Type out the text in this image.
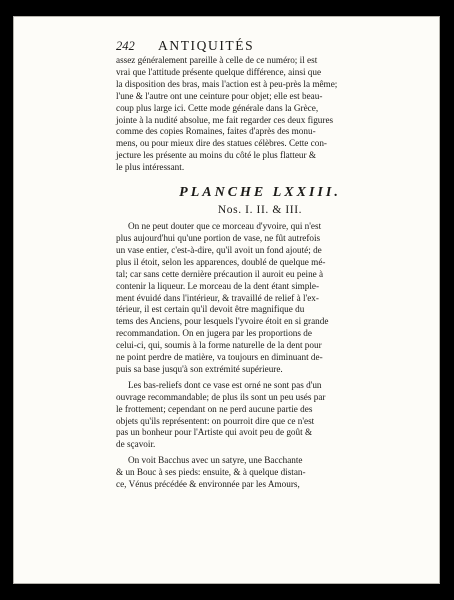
242	ANTIQUITÉS

assez généralement pareille à celle de ce numéro; il est
vrai que l'attitude présente quelque différence, ainsi que
la disposition des bras, mais l'action est à peu-près la même;
l'une & l'autre ont une ceinture pour objet; elle est beau-
coup plus large ici. Cette mode générale dans la Grèce,
jointe à la nudité absolue, me fait regarder ces deux figures
comme des copies Romaines, faites d'après des monu-
mens, ou pour mieux dire des statues célèbres. Cette con-
jecture les présente au moins du côté le plus flatteur &
le plus intéressant.

PLANCHE LXXIII.
Nos. I. II. & III.

On ne peut douter que ce morceau d'yvoire, qui n'est
plus aujourd'hui qu'une portion de vase, ne fût autrefois
un vase entier, c'est-à-dire, qu'il avoit un fond ajouté; de
plus il étoit, selon les apparences, doublé de quelque mé-
tal; car sans cette dernière précaution il auroit eu peine à
contenir la liqueur. Le morceau de la dent étant simple-
ment évuidé dans l'intérieur, & travaillé de relief à l'ex-
térieur, il est certain qu'il devoit être magnifique du
tems des Anciens, pour lesquels l'yvoire étoit en si grande
recommandation. On en jugera par les proportions de
celui-ci, qui, soumis à la forme naturelle de la dent pour
ne point perdre de matière, va toujours en diminuant de-
puis sa base jusqu'à son extrémité supérieure.

Les bas-reliefs dont ce vase est orné ne sont pas d'un
ouvrage recommandable; de plus ils sont un peu usés par
le frottement; cependant on ne perd aucune partie des
objets qu'ils représentent: on pourroit dire que ce n'est
pas un bonheur pour l'Artiste qui avoit peu de goût &
de sçavoir.

On voit Bacchus avec un satyre, une Bacchante
& un Bouc à ses pieds: ensuite, & à quelque distan-
ce, Vénus précédée & environnée par les Amours,
